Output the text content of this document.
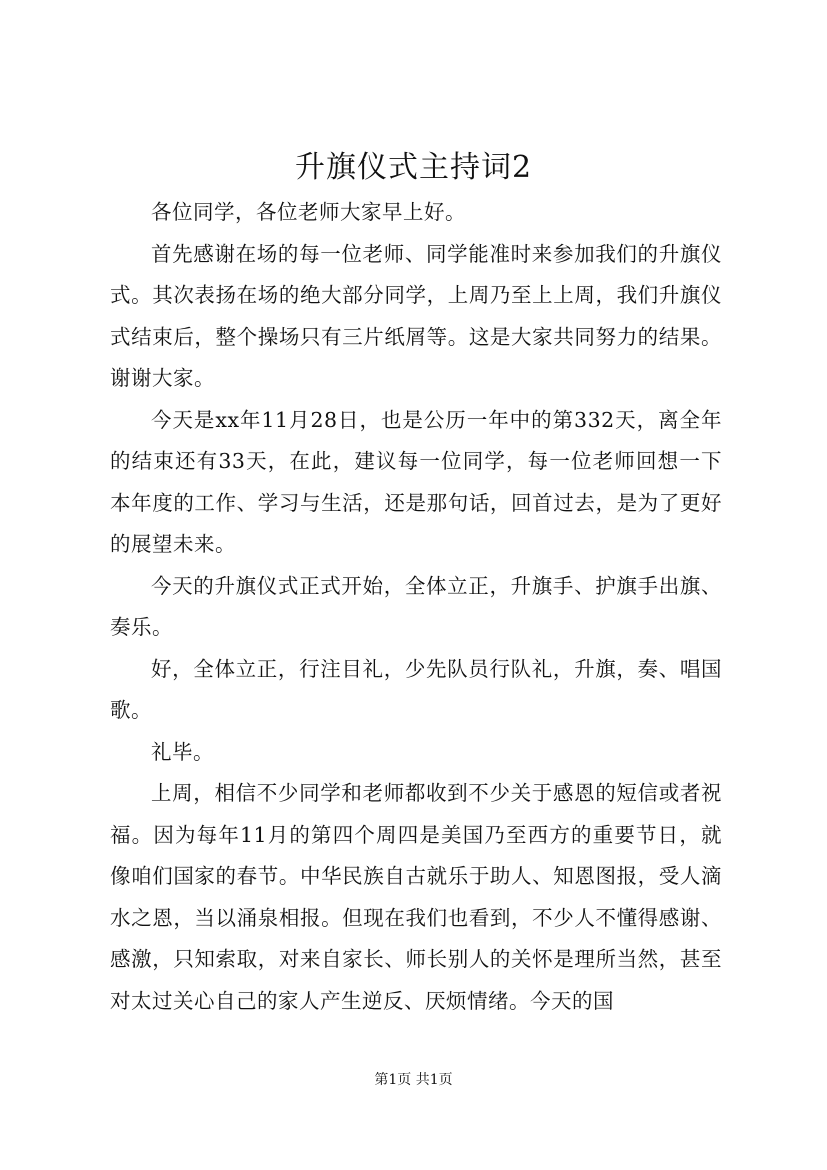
升旗仪式主持词2

各位同学，各位老师大家早上好。

首先感谢在场的每一位老师、同学能准时来参加我们的升旗仪式。其次表扬在场的绝大部分同学，上周乃至上上周，我们升旗仪式结束后，整个操场只有三片纸屑等。这是大家共同努力的结果。谢谢大家。

今天是xx年11月28日，也是公历一年中的第332天，离全年的结束还有33天，在此，建议每一位同学，每一位老师回想一下本年度的工作、学习与生活，还是那句话，回首过去，是为了更好的展望未来。

今天的升旗仪式正式开始，全体立正，升旗手、护旗手出旗、奏乐。

好，全体立正，行注目礼，少先队员行队礼，升旗，奏、唱国歌。

礼毕。

上周，相信不少同学和老师都收到不少关于感恩的短信或者祝福。因为每年11月的第四个周四是美国乃至西方的重要节日，就像咱们国家的春节。中华民族自古就乐于助人、知恩图报，受人滴水之恩，当以涌泉相报。但现在我们也看到，不少人不懂得感谢、感激，只知索取，对来自家长、师长别人的关怀是理所当然，甚至对太过关心自己的家人产生逆反、厌烦情绪。今天的国

第1页 共1页
